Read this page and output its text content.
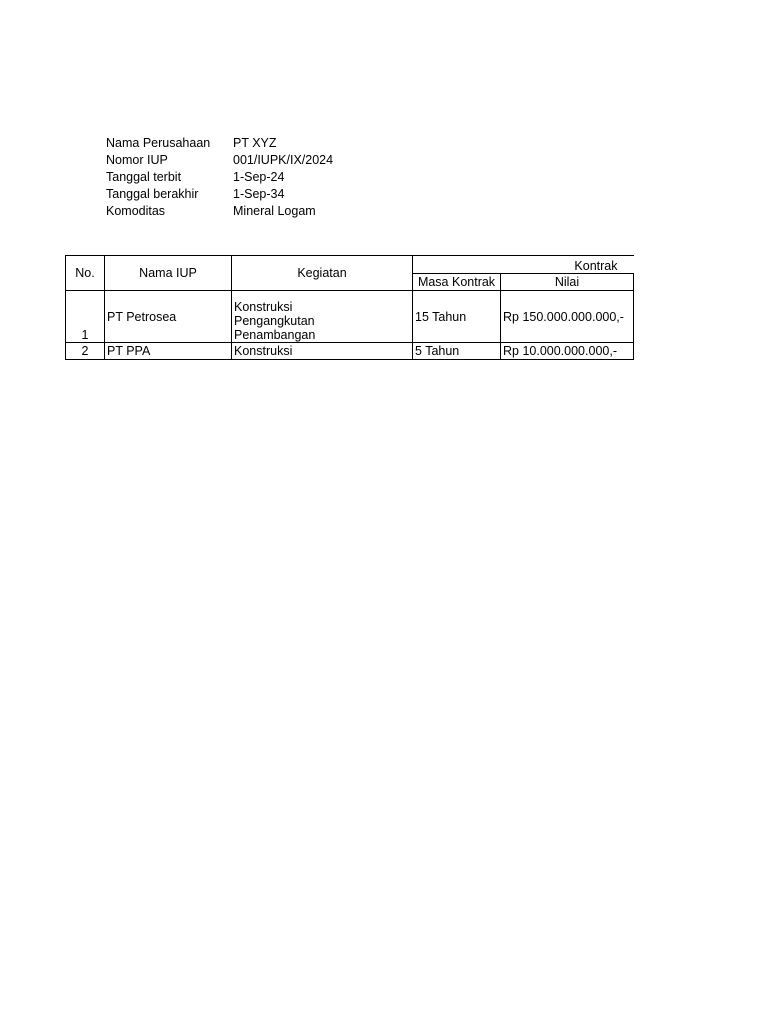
Nama Perusahaan	PT XYZ
Nomor IUP	001/IUPK/IX/2024
Tanggal terbit	1-Sep-24
Tanggal berakhir	1-Sep-34
Komoditas	Mineral Logam
No.	Nama IUP	Kegiatan	Kontrak	
			Masa Kontrak	Nilai
1	PT Petrosea	Konstruksi
Pengangkutan
Penambangan	15 Tahun	Rp 150.000.000.000,-
2	PT PPA	Konstruksi	5 Tahun	Rp 10.000.000.000,-
